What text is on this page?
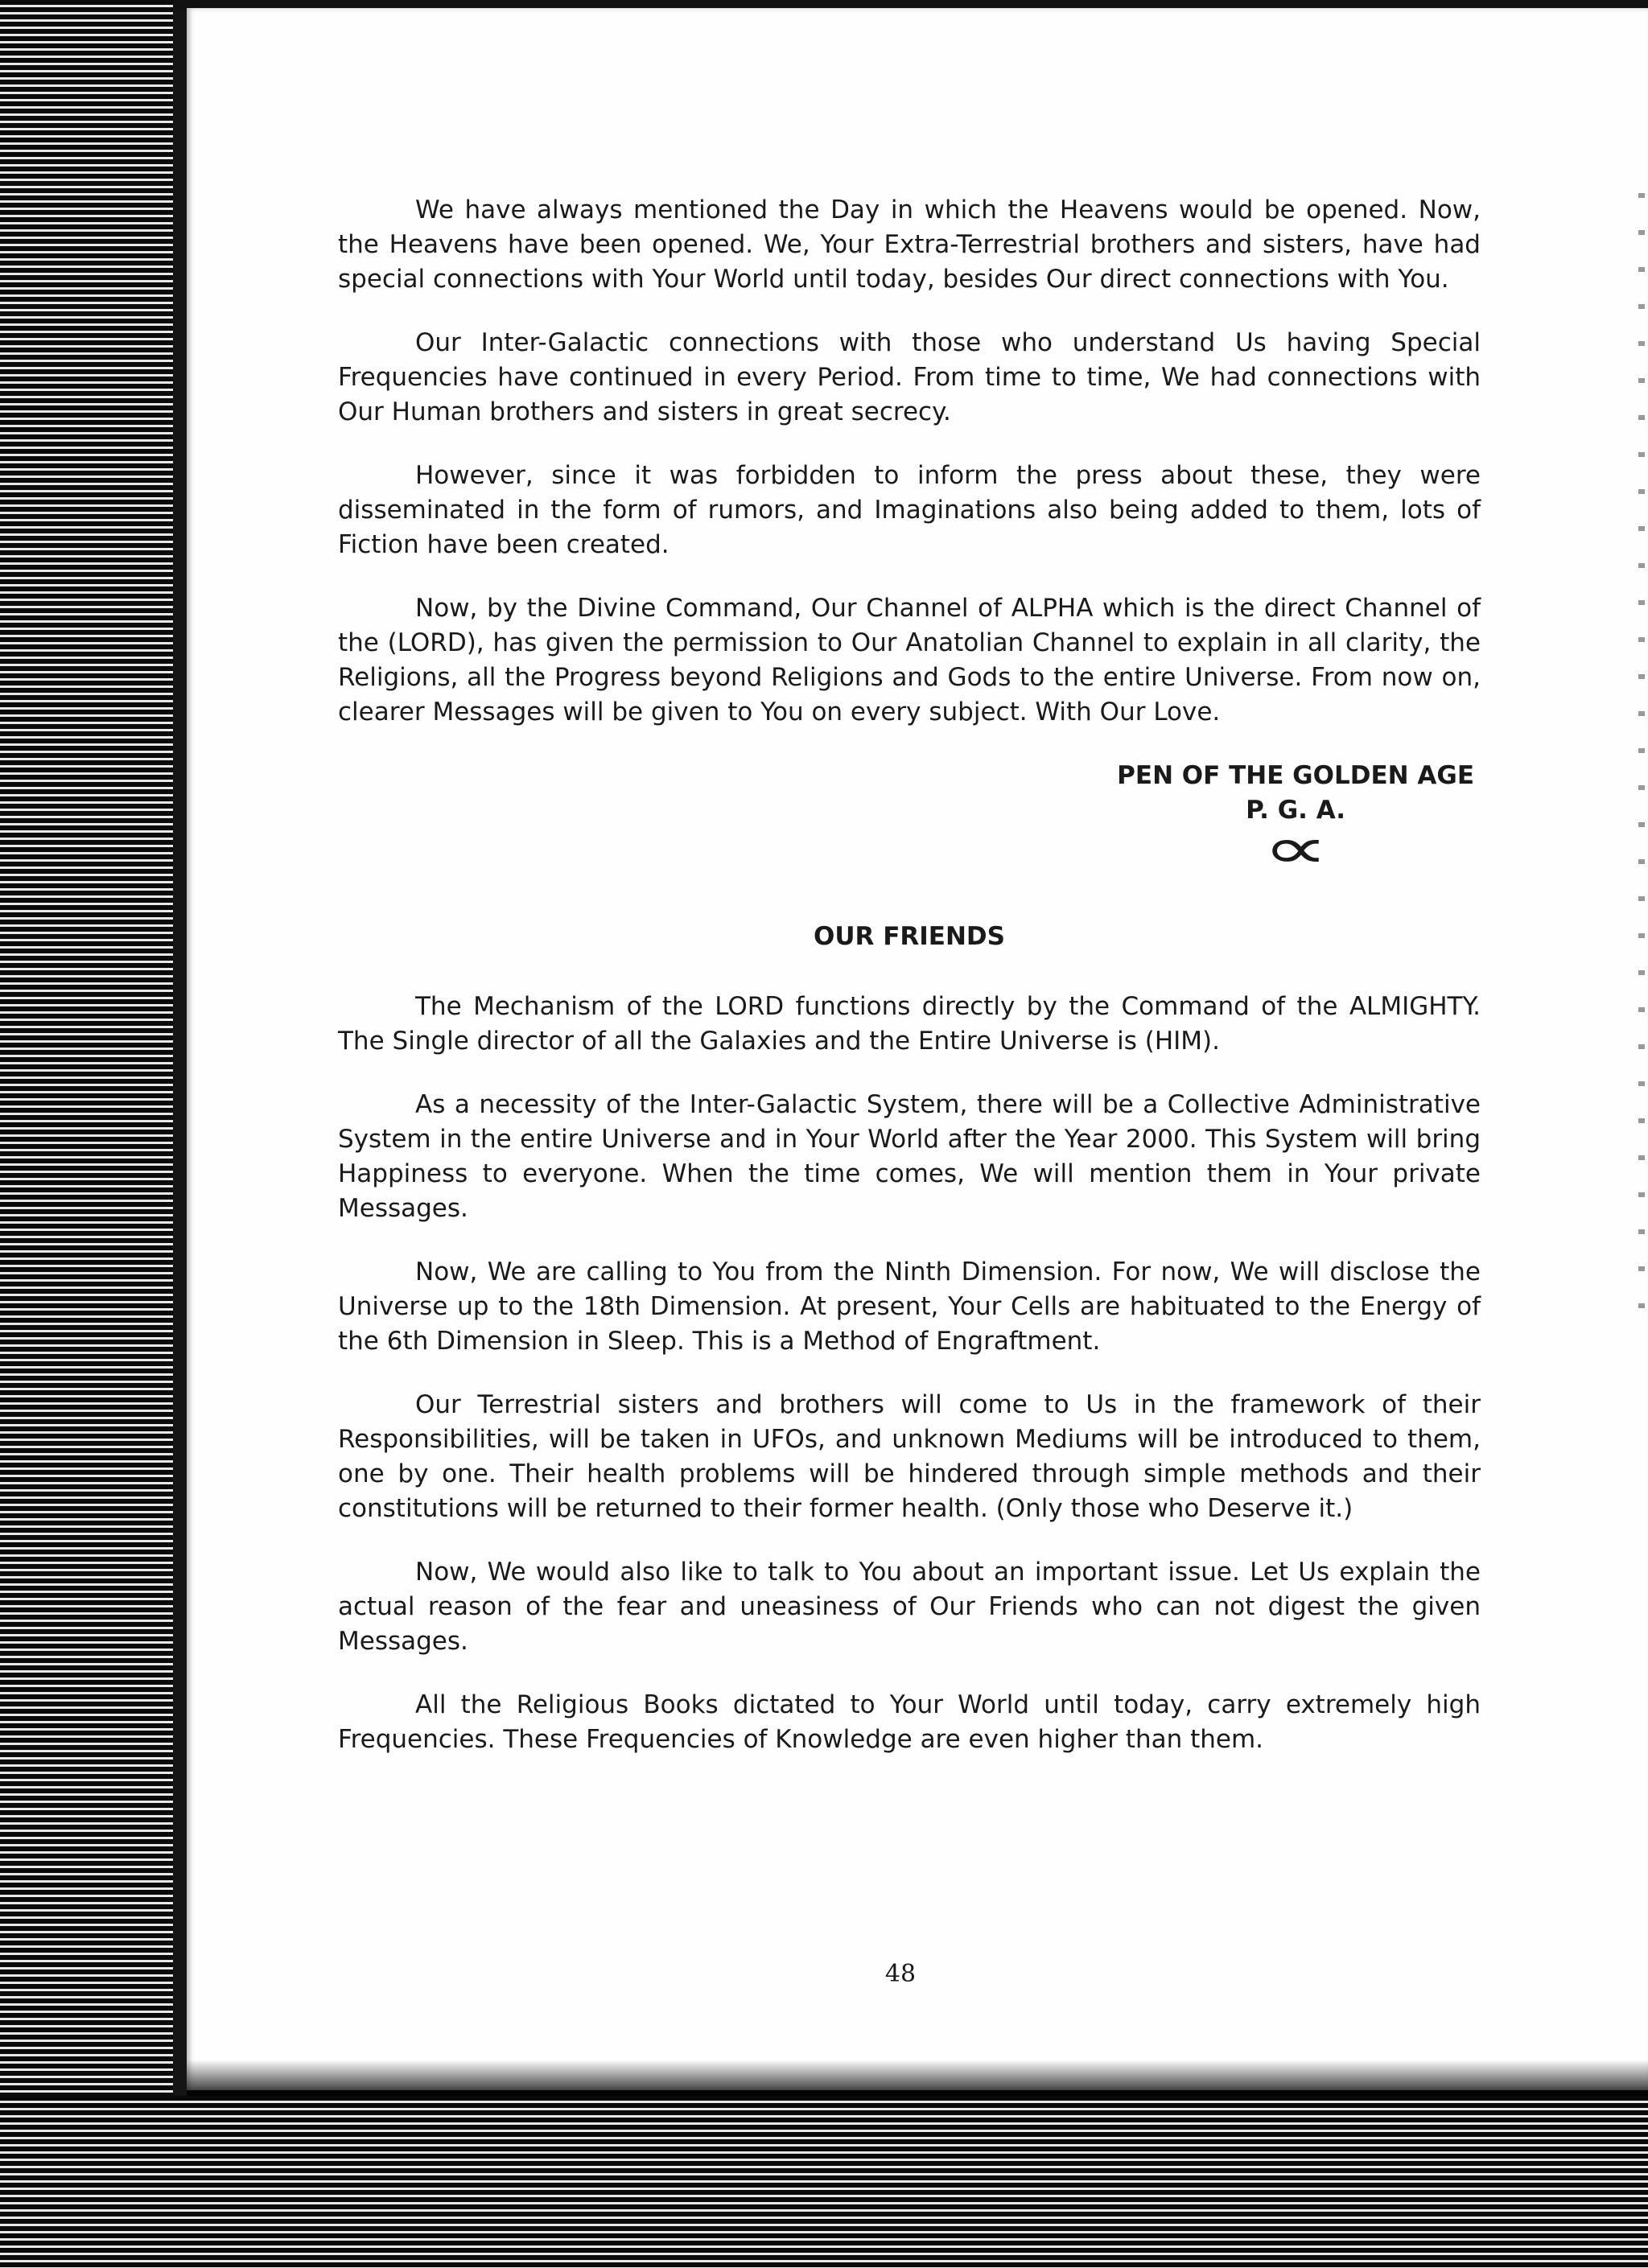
We have always mentioned the Day in which the Heavens would be opened. Now, the Heavens have been opened. We, Your Extra-Terrestrial brothers and sisters, have had special connections with Your World until today, besides Our direct connections with You.

Our Inter-Galactic connections with those who understand Us having Special Frequencies have continued in every Period. From time to time, We had connections with Our Human brothers and sisters in great secrecy.

However, since it was forbidden to inform the press about these, they were disseminated in the form of rumors, and Imaginations also being added to them, lots of Fiction have been created.

Now, by the Divine Command, Our Channel of ALPHA which is the direct Channel of the (LORD), has given the permission to Our Anatolian Channel to explain in all clarity, the Religions, all the Progress beyond Religions and Gods to the entire Universe. From now on, clearer Messages will be given to You on every subject. With Our Love.

PEN OF THE GOLDEN AGE
P. G. A.
∝
OUR FRIENDS

The Mechanism of the LORD functions directly by the Command of the ALMIGHTY. The Single director of all the Galaxies and the Entire Universe is (HIM).

As a necessity of the Inter-Galactic System, there will be a Collective Administrative System in the entire Universe and in Your World after the Year 2000. This System will bring Happiness to everyone. When the time comes, We will mention them in Your private Messages.

Now, We are calling to You from the Ninth Dimension. For now, We will disclose the Universe up to the 18th Dimension. At present, Your Cells are habituated to the Energy of the 6th Dimension in Sleep. This is a Method of Engraftment.

Our Terrestrial sisters and brothers will come to Us in the framework of their Responsibilities, will be taken in UFOs, and unknown Mediums will be introduced to them, one by one. Their health problems will be hindered through simple methods and their constitutions will be returned to their former health. (Only those who Deserve it.)

Now, We would also like to talk to You about an important issue. Let Us explain the actual reason of the fear and uneasiness of Our Friends who can not digest the given Messages.

All the Religious Books dictated to Your World until today, carry extremely high Frequencies. These Frequencies of Knowledge are even higher than them.

48
